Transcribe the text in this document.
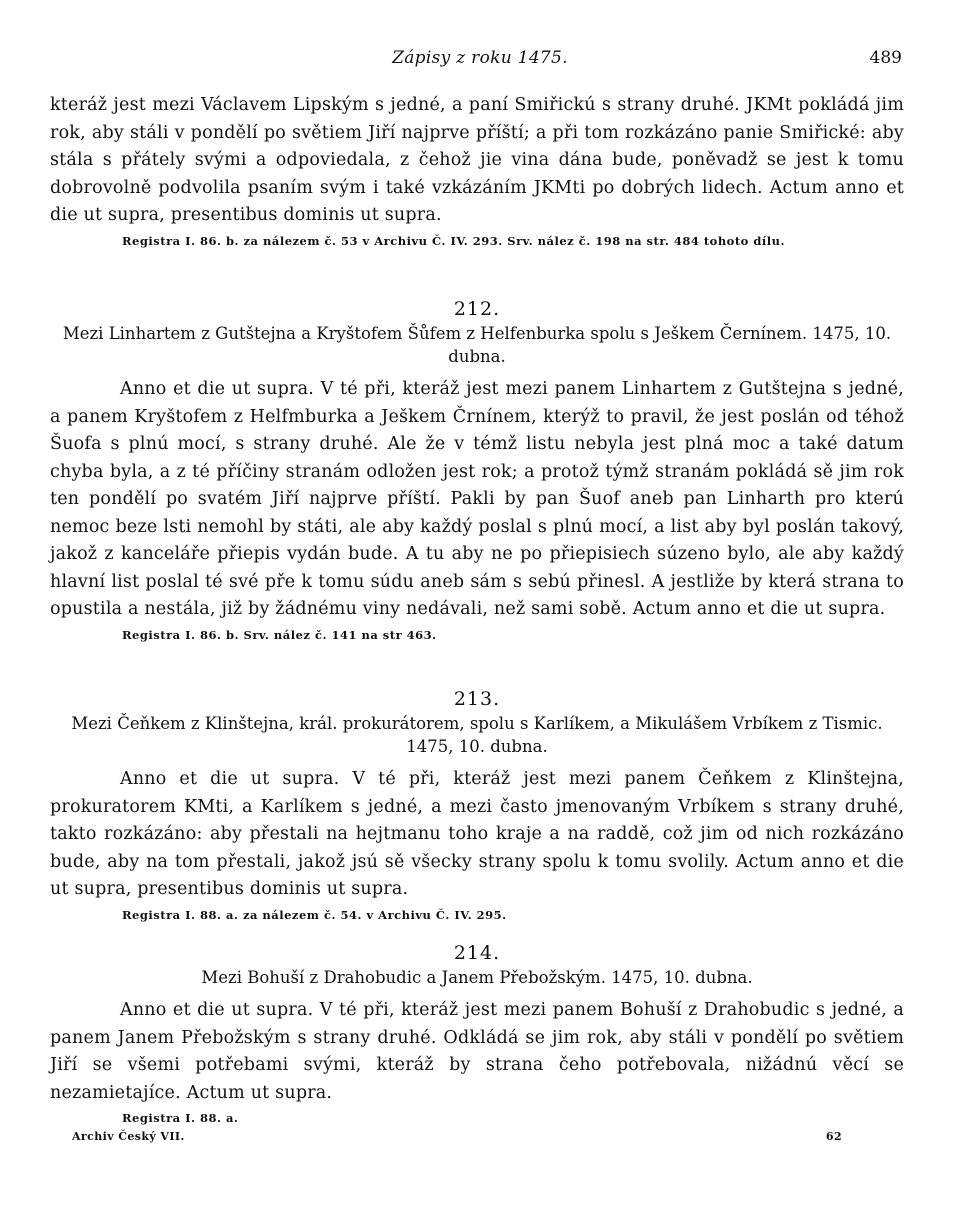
Zápisy z roku 1475.	489

kteráž jest mezi Václavem Lipským s jedné, a paní Smiřickú s strany druhé. JKMt pokládá jim rok, aby stáli v pondělí po světiem Jiří najprve příští; a při tom rozkázáno panie Smiřické: aby stála s přátely svými a odpoviedala, z čehož jie vina dána bude, poněvadž se jest k tomu dobrovolně podvolila psaním svým i také vzkázáním JKMti po dobrých lidech. Actum anno et die ut supra, presentibus dominis ut supra.

Registra I. 86. b. za nálezem č. 53 v Archivu Č. IV. 293. Srv. nález č. 198 na str. 484 tohoto dílu.
212.
Mezi Linhartem z Gutštejna a Kryštofem Šůfem z Helfenburka spolu s Ješkem Černínem. 1475, 10. dubna.

Anno et die ut supra. V té při, kteráž jest mezi panem Linhartem z Gutštejna s jedné, a panem Kryštofem z Helfmburka a Ješkem Črnínem, kterýž to pravil, že jest poslán od téhož Šuofa s plnú mocí, s strany druhé. Ale že v témž listu nebyla jest plná moc a také datum chyba byla, a z té příčiny stranám odložen jest rok; a protož týmž stranám pokládá sě jim rok ten pondělí po svatém Jiří najprve příští. Pakli by pan Šuof aneb pan Linharth pro kterú nemoc beze lsti nemohl by státi, ale aby každý poslal s plnú mocí, a list aby byl poslán takový, jakož z kanceláře přiepis vydán bude. A tu aby ne po přiepisiech súzeno bylo, ale aby každý hlavní list poslal té své pře k tomu súdu aneb sám s sebú přinesl. A jestliže by která strana to opustila a nestála, již by žádnému viny nedávali, než sami sobě. Actum anno et die ut supra.

Registra I. 86. b. Srv. nález č. 141 na str 463.
213.
Mezi Čeňkem z Klinštejna, král. prokurátorem, spolu s Karlíkem, a Mikulášem Vrbíkem z Tismic. 1475, 10. dubna.

Anno et die ut supra. V té při, kteráž jest mezi panem Čeňkem z Klinštejna, prokuratorem KMti, a Karlíkem s jedné, a mezi často jmenovaným Vrbíkem s strany druhé, takto rozkázáno: aby přestali na hejtmanu toho kraje a na raddě, což jim od nich rozkázáno bude, aby na tom přestali, jakož jsú sě všecky strany spolu k tomu svolily. Actum anno et die ut supra, presentibus dominis ut supra.

Registra I. 88. a. za nálezem č. 54. v Archivu Č. IV. 295.
214.
Mezi Bohuší z Drahobudic a Janem Přebožským. 1475, 10. dubna.

Anno et die ut supra. V té při, kteráž jest mezi panem Bohuší z Drahobudic s jedné, a panem Janem Přebožským s strany druhé. Odkládá se jim rok, aby stáli v pondělí po světiem Jiří se všemi potřebami svými, kteráž by strana čeho potřebovala, nižádnú věcí se nezamietajíce. Actum ut supra.

Registra I. 88. a.
Archiv Český VII.	62
